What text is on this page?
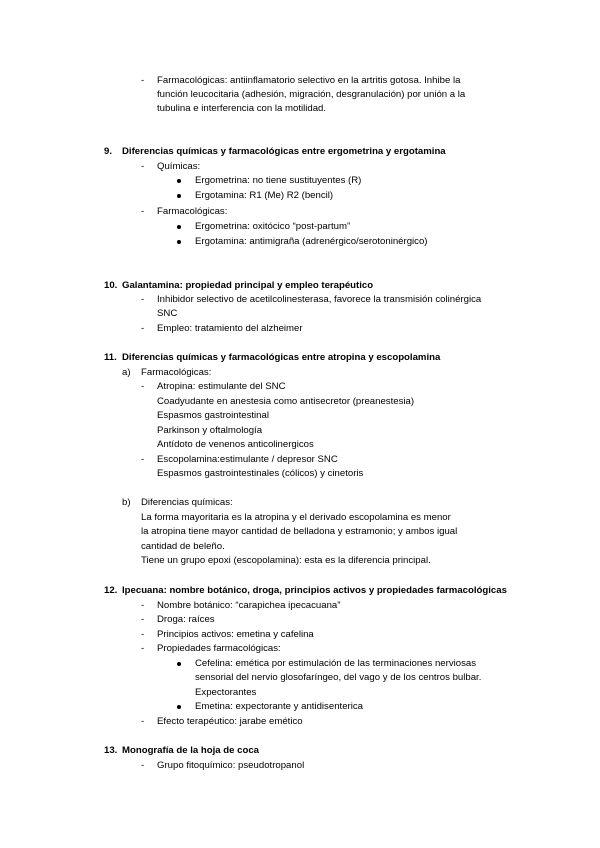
- Farmacológicas: antiinflamatorio selectivo en la artritis gotosa. Inhibe la
función leucocitaria (adhesión, migración, desgranulación) por unión a la
tubulina e interferencia con la motilidad.
9. Diferencias químicas y farmacológicas entre ergometrina y ergotamina
- Químicas:
Ergometrina: no tiene sustituyentes (R)
Ergotamina: R1 (Me) R2 (bencil)
- Farmacológicas:
Ergometrina: oxitócico “post-partum”
Ergotamina: antimigraña (adrenérgico/serotoninérgico)
10. Galantamina: propiedad principal y empleo terapéutico
- Inhibidor selectivo de acetilcolinesterasa, favorece la transmisión colinérgica
SNC
- Empleo: tratamiento del alzheimer
11. Diferencias químicas y farmacológicas entre atropina y escopolamina
a) Farmacológicas:
- Atropina: estimulante del SNC
Coadyudante en anestesia como antisecretor (preanestesia)
Espasmos gastrointestinal
Parkinson y oftalmología
Antídoto de venenos anticolinergicos
- Escopolamina:estimulante / depresor SNC
Espasmos gastrointestinales (cólicos) y cinetoris
b) Diferencias químicas:
La forma mayoritaria es la atropina y el derivado escopolamina es menor
la atropina tiene mayor cantidad de belladona y estramonio; y ambos igual
cantidad de beleño.
Tiene un grupo epoxi (escopolamina): esta es la diferencia principal.
12. Ipecuana: nombre botánico, droga, principios activos y propiedades farmacológicas
- Nombre botánico: “carapichea ipecacuana”
- Droga: raíces
- Principios activos: emetina y cafelina
- Propiedades farmacológicas:
Cefelina: emética por estimulación de las terminaciones nerviosas
sensorial del nervio glosofaríngeo, del vago y de los centros bulbar.
Expectorantes
Emetina: expectorante y antidisenterica
- Efecto terapéutico: jarabe emético
13. Monografía de la hoja de coca
- Grupo fitoquímico: pseudotropanol
